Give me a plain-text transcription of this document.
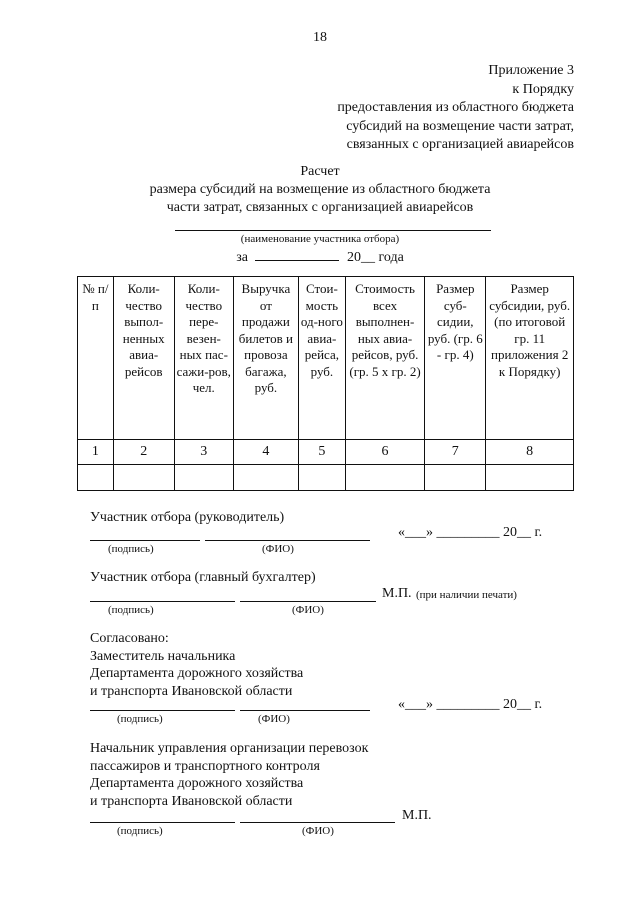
18
Приложение 3
к Порядку
предоставления из областного бюджета
субсидий на возмещение части затрат,
связанных с организацией авиарейсов
Расчет
размера субсидий на возмещение из областного бюджета
части затрат, связанных с организацией авиарейсов
(наименование участника отбора)
за	20__ года
№ п/п	Коли-чество выпол-ненных авиа-рейсов	Коли-чество пере-везен-ных пас-сажи-ров, чел.	Выручка от продажи билетов и провоза багажа, руб.	Стои-мость од-ного авиа-рейса, руб.	Стоимость всех выполнен-ных авиа-рейсов, руб. (гр. 5 х гр. 2)	Размер суб-сидии, руб. (гр. 6 - гр. 4)	Размер субсидии, руб. (по итоговой гр. 11 приложения 2 к Порядку)
1	2	3	4	5	6	7	8

Участник отбора (руководитель)
«___» _________ 20__ г.
(подпись)	(ФИО)
Участник отбора (главный бухгалтер)
М.П. (при наличии печати)
(подпись)	(ФИО)
Согласовано:
Заместитель начальника
Департамента дорожного хозяйства
и транспорта Ивановской области
«___» _________ 20__ г.
(подпись)	(ФИО)
Начальник управления организации перевозок
пассажиров и транспортного контроля
Департамента дорожного хозяйства
и транспорта Ивановской области
М.П.
(подпись)	(ФИО)
